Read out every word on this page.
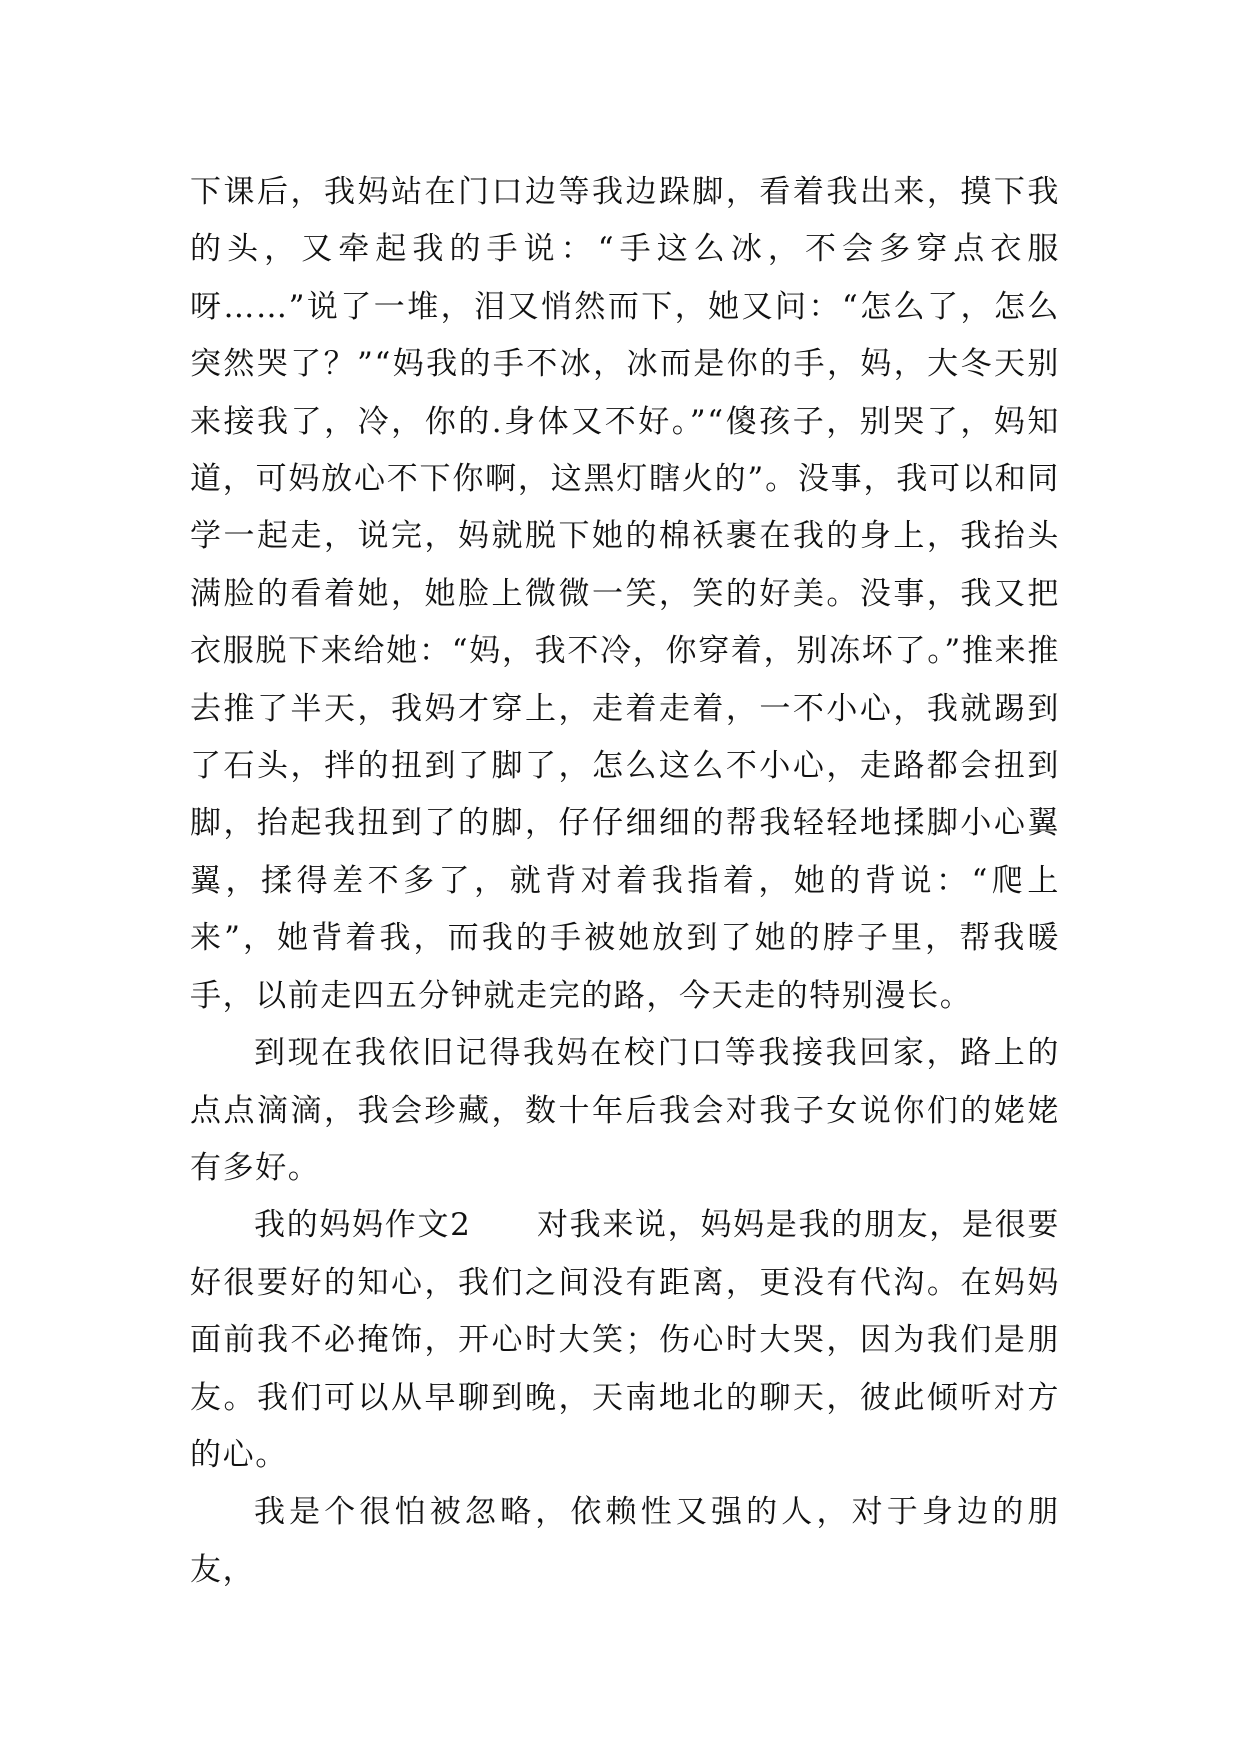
下课后，我妈站在门口边等我边跺脚，看着我出来，摸下我的头，又牵起我的手说：“手这么冰，不会多穿点衣服呀……”说了一堆，泪又悄然而下，她又问：“怎么了，怎么突然哭了？”“妈我的手不冰，冰而是你的手，妈，大冬天别来接我了，冷，你的.身体又不好。”“傻孩子，别哭了，妈知道，可妈放心不下你啊，这黑灯瞎火的”。没事，我可以和同学一起走，说完，妈就脱下她的棉袄裹在我的身上，我抬头满脸的看着她，她脸上微微一笑，笑的好美。没事，我又把衣服脱下来给她：“妈，我不冷，你穿着，别冻坏了。”推来推去推了半天，我妈才穿上，走着走着，一不小心，我就踢到了石头，拌的扭到了脚了，怎么这么不小心，走路都会扭到脚，抬起我扭到了的脚，仔仔细细的帮我轻轻地揉脚小心翼翼，揉得差不多了，就背对着我指着，她的背说：“爬上来”，她背着我，而我的手被她放到了她的脖子里，帮我暖手，以前走四五分钟就走完的路，今天走的特别漫长。

到现在我依旧记得我妈在校门口等我接我回家，路上的点点滴滴，我会珍藏，数十年后我会对我子女说你们的姥姥有多好。

我的妈妈作文2　　对我来说，妈妈是我的朋友，是很要好很要好的知心，我们之间没有距离，更没有代沟。在妈妈面前我不必掩饰，开心时大笑；伤心时大哭，因为我们是朋友。我们可以从早聊到晚，天南地北的聊天，彼此倾听对方的心。

我是个很怕被忽略，依赖性又强的人，对于身边的朋友，
